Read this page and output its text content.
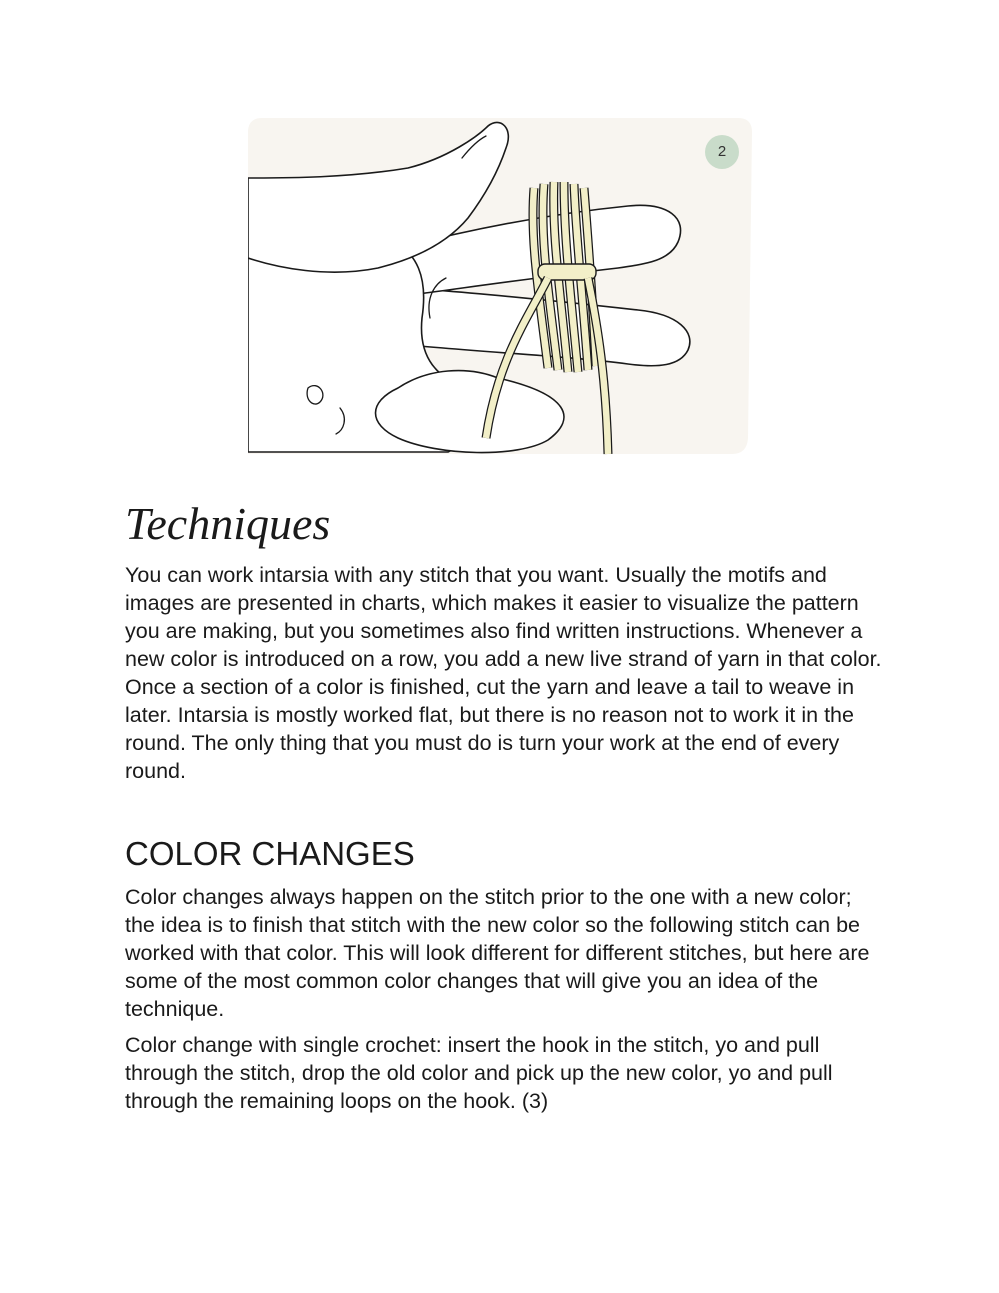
2
Techniques

You can work intarsia with any stitch that you want. Usually the motifs and images are presented in charts, which makes it easier to visualize the pattern you are making, but you sometimes also find written instructions. Whenever a new color is introduced on a row, you add a new live strand of yarn in that color. Once a section of a color is finished, cut the yarn and leave a tail to weave in later. Intarsia is mostly worked flat, but there is no reason not to work it in the round. The only thing that you must do is turn your work at the end of every round.

COLOR CHANGES

Color changes always happen on the stitch prior to the one with a new color; the idea is to finish that stitch with the new color so the following stitch can be worked with that color. This will look different for different stitches, but here are some of the most common color changes that will give you an idea of the technique.

Color change with single crochet: insert the hook in the stitch, yo and pull through the stitch, drop the old color and pick up the new color, yo and pull through the remaining loops on the hook. (3)
